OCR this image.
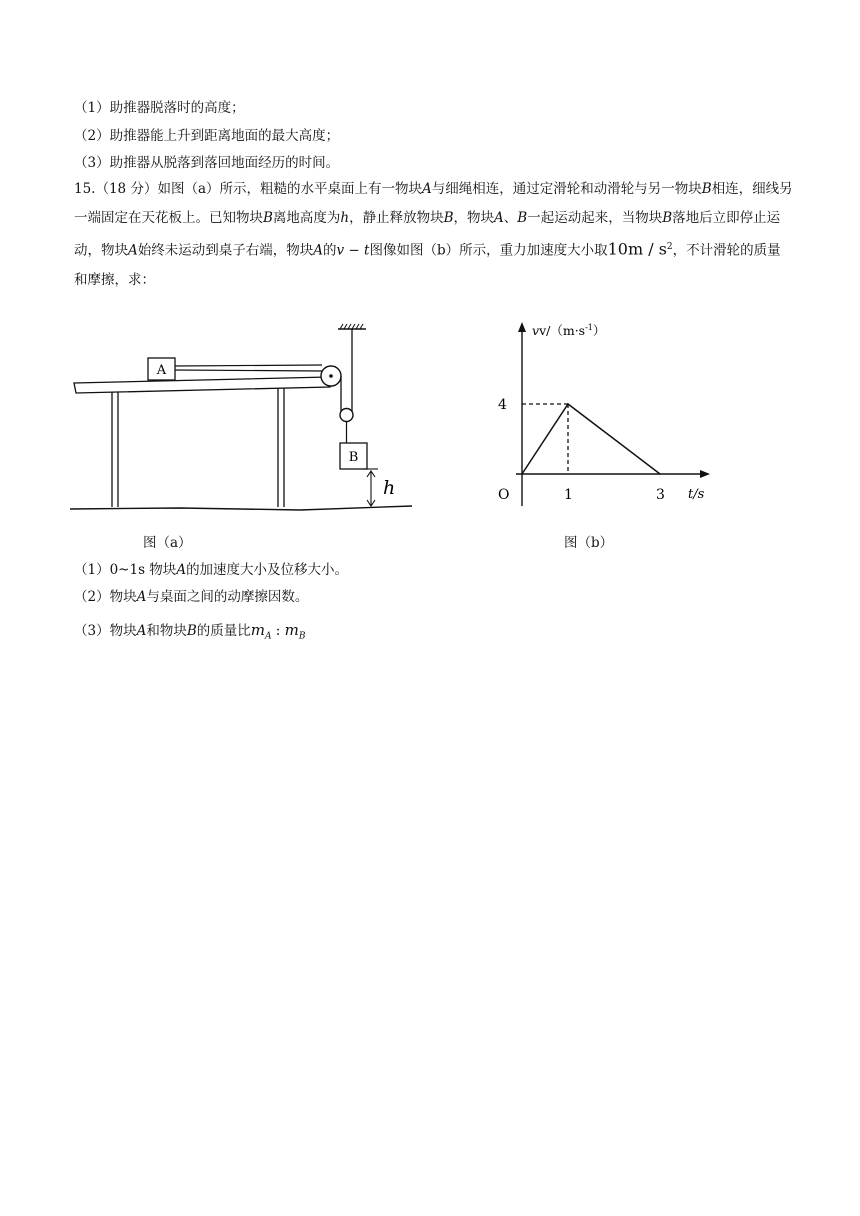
（1）助推器脱落时的高度；
（2）助推器能上升到距离地面的最大高度；
（3）助推器从脱落到落回地面经历的时间。
15.（18 分）如图（a）所示，粗糙的水平桌面上有一物块A与细绳相连，通过定滑轮和动滑轮与另一物块B相连，细线另一端固定在天花板上。已知物块B离地高度为h，静止释放物块B，物块A、B一起运动起来，当物块B落地后立即停止运动，物块A始终未运动到桌子右端，物块A的v − t图像如图（b）所示，重力加速度大小取$10m / s^2$，不计滑轮的质量和摩擦，求：
A
B
h
$vv/(m\cdot s^{-1})$
t/s
O
4
1	3
图（a）	图（b）
（1）0~1s 物块A的加速度大小及位移大小。
（2）物块A与桌面之间的动摩擦因数。
（3）物块A和物块B的质量比$m_A$ : $m_B$
